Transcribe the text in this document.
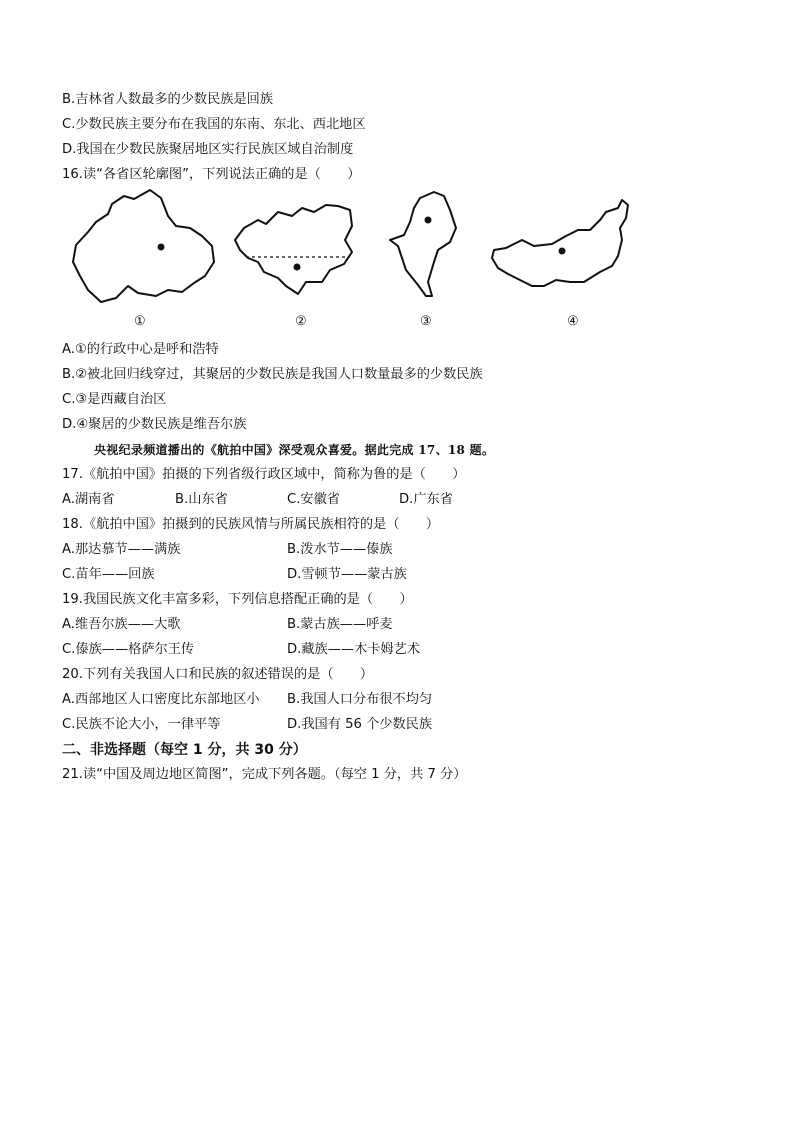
B.吉林省人数最多的少数民族是回族
C.少数民族主要分布在我国的东南、东北、西北地区
D.我国在少数民族聚居地区实行民族区域自治制度
16.读“各省区轮廓图”，下列说法正确的是（　　）
①	②	③	④
A.①的行政中心是呼和浩特
B.②被北回归线穿过，其聚居的少数民族是我国人口数量最多的少数民族
C.③是西藏自治区
D.④聚居的少数民族是维吾尔族
央视纪录频道播出的《航拍中国》深受观众喜爱。据此完成 17、18 题。
17.《航拍中国》拍摄的下列省级行政区域中，简称为鲁的是（　　）
A.湖南省	B.山东省	C.安徽省	D.广东省
18.《航拍中国》拍摄到的民族风情与所属民族相符的是（　　）
A.那达慕节——满族	B.泼水节——傣族
C.苗年——回族	D.雪顿节——蒙古族
19.我国民族文化丰富多彩，下列信息搭配正确的是（　　）
A.维吾尔族——大歌	B.蒙古族——呼麦
C.傣族——格萨尔王传	D.藏族——木卡姆艺术
20.下列有关我国人口和民族的叙述错误的是（　　）
A.西部地区人口密度比东部地区小 B.我国人口分布很不均匀
C.民族不论大小，一律平等	D.我国有 56 个少数民族
二、非选择题（每空 1 分，共 30 分）
21.读“中国及周边地区简图”，完成下列各题。（每空 1 分，共 7 分）
